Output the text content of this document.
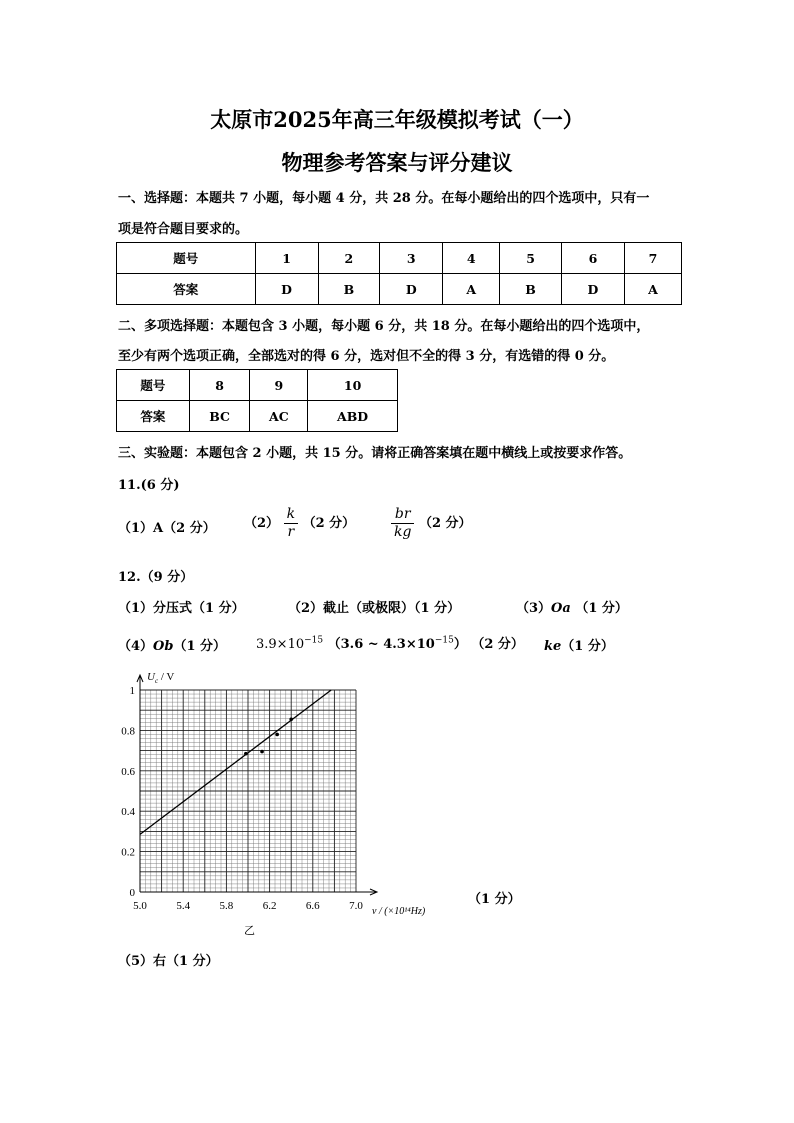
太原市2025年高三年级模拟考试（一）
物理参考答案与评分建议
一、选择题：本题共 7 小题，每小题 4 分，共 28 分。在每小题给出的四个选项中，只有一
项是符合题目要求的。
题号	1	2	3	4	5	6	7
答案	D	B	D	A	B	D	A
二、多项选择题：本题包含 3 小题，每小题 6 分，共 18 分。在每小题给出的四个选项中，
至少有两个选项正确，全部选对的得 6 分，选对但不全的得 3 分，有选错的得 0 分。
题号	8	9	10
答案	BC	AC	ABD
三、实验题：本题包含 2 小题，共 15 分。请将正确答案填在题中横线上或按要求作答。
11.(6 分)
（1）A（2 分） $(2) \frac{k}{r} (2$ 分）	$\frac{br}{kg} (2$ 分）
12.（9 分）
（1）分压式（1 分）	（2）截止（或极限）（1 分）	（3）Oa （1 分）
（4）Ob（1 分） $3.9\times 10^{-15}$ （3.6 ~ $4.3\times 10^{-15}$） （2 分） ke（1 分）
5.0	5.4	5.8	6.2	6.6	7.0
0
0.2
0.4
0.6
0.8
1
$U_c$ / V
ν / (×10¹⁴Hz)
乙
（1 分）
（5）右（1 分）
